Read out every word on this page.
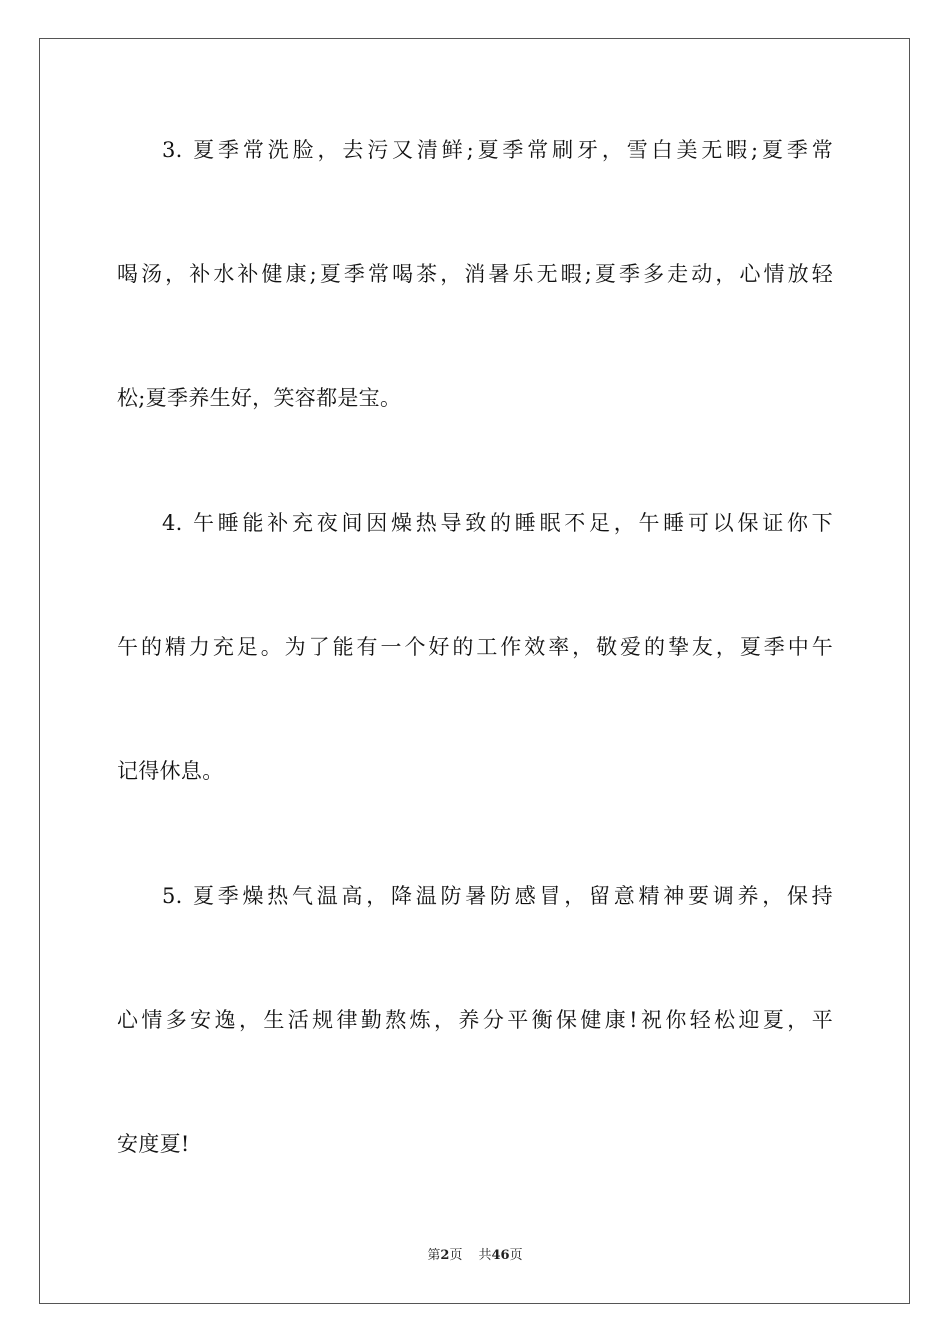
3. 夏季常洗脸，去污又清鲜;夏季常刷牙，雪白美无暇;夏季常
喝汤，补水补健康;夏季常喝茶，消暑乐无暇;夏季多走动，心情放轻
松;夏季养生好，笑容都是宝。
4. 午睡能补充夜间因燥热导致的睡眠不足，午睡可以保证你下
午的精力充足。为了能有一个好的工作效率，敬爱的挚友，夏季中午
记得休息。
5. 夏季燥热气温高，降温防暑防感冒，留意精神要调养，保持
心情多安逸，生活规律勤熬炼，养分平衡保健康!祝你轻松迎夏，平
安度夏!
第2页 共46页
